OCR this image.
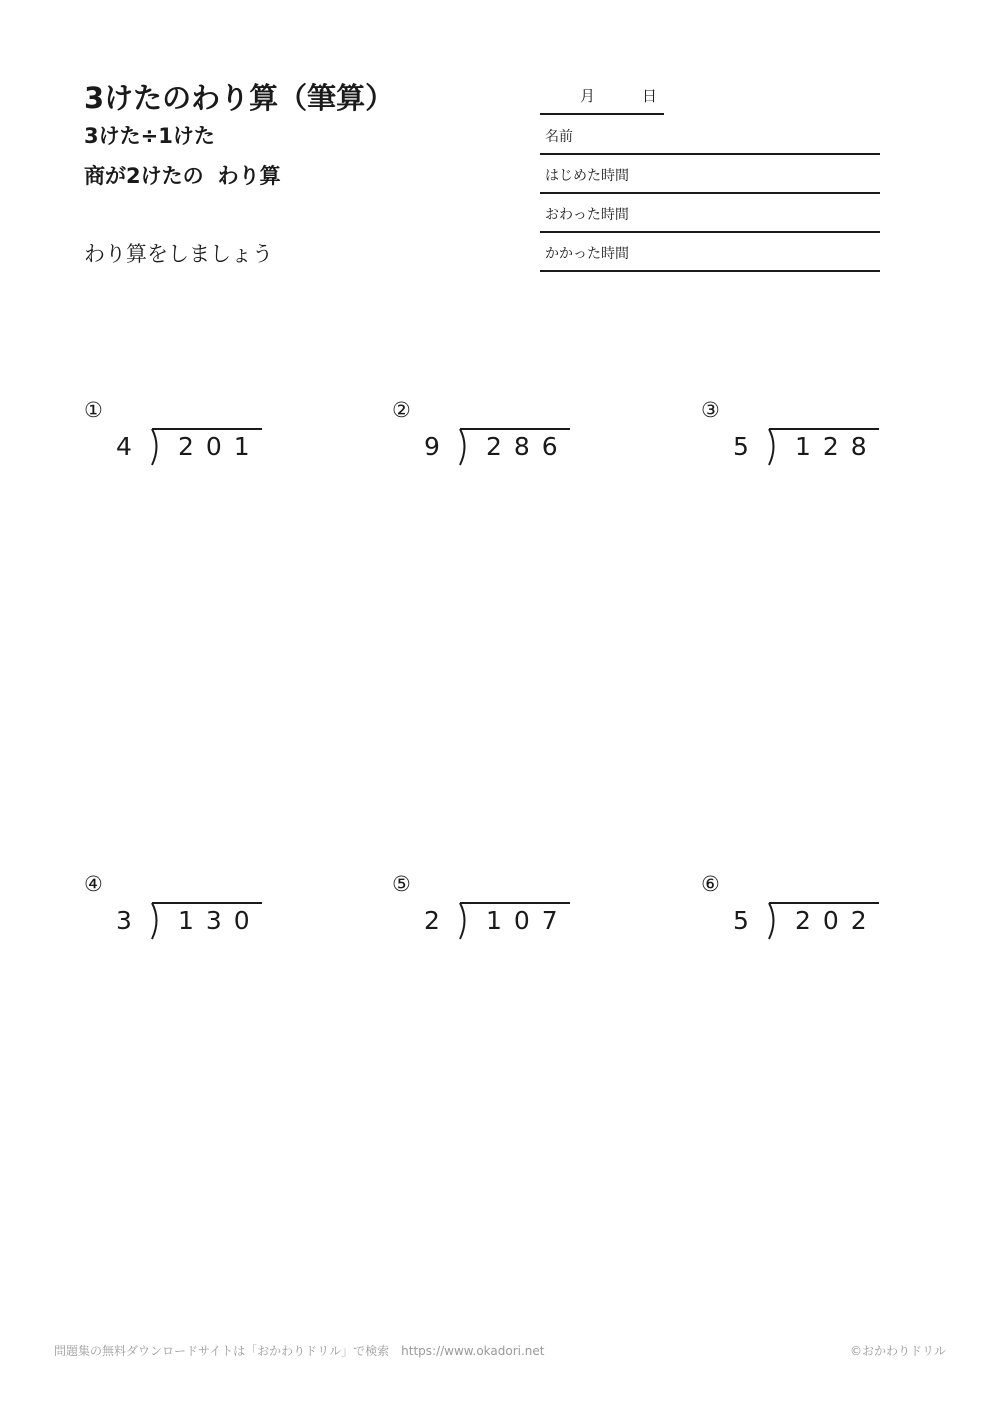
3けたのわり算（筆算）
3けた÷1けた
商が2けたの わり算
わり算をしましょう
月	日
名前
はじめた時間
おわった時間
かかった時間
①
4 201
②
9 286
③
5 128
④
3 130
⑤
2 107
⑥
5 202
問題集の無料ダウンロードサイトは「おかわりドリル」で検索　https://www.okadori.net	©おかわりドリル
